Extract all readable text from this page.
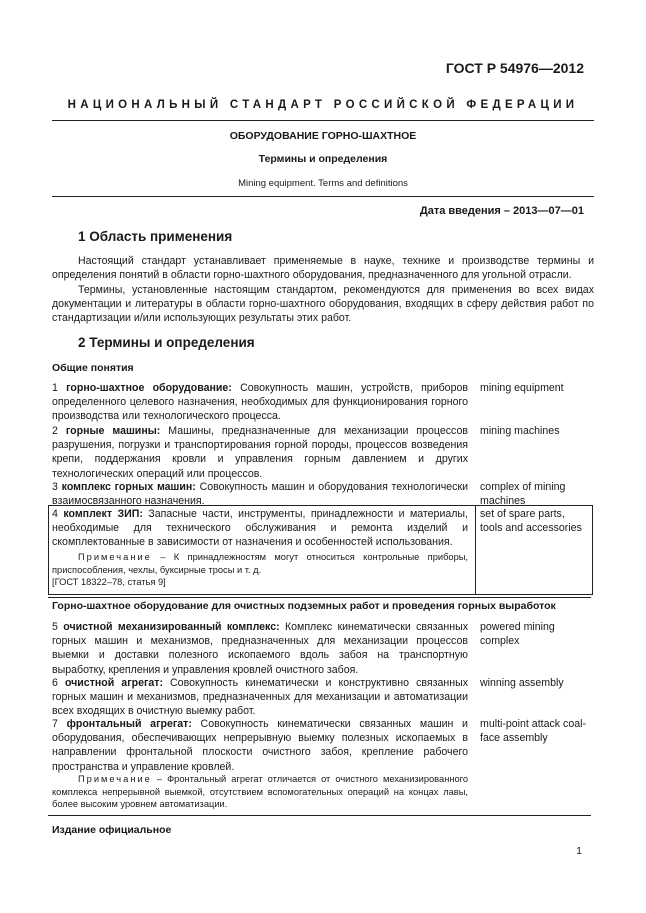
ГОСТ Р 54976—2012
НАЦИОНАЛЬНЫЙ СТАНДАРТ РОССИЙСКОЙ ФЕДЕРАЦИИ
ОБОРУДОВАНИЕ ГОРНО-ШАХТНОЕ
Термины и определения
Mining equipment. Terms and definitions
Дата введения – 2013—07—01
1 Область применения
Настоящий стандарт устанавливает применяемые в науке, технике и производстве термины и определения понятий в области горно-шахтного оборудования, предназначенного для угольной отрасли.
Термины, установленные настоящим стандартом, рекомендуются для применения во всех видах документации и литературы в области горно-шахтного оборудования, входящих в сферу действия работ по стандартизации и/или использующих результаты этих работ.
2 Термины и определения
Общие понятия
1 горно-шахтное оборудование: Совокупность машин, устройств, приборов определенного целевого назначения, необходимых для функционирования горного производства или технологического процесса.
mining equipment
2 горные машины: Машины, предназначенные для механизации процессов разрушения, погрузки и транспортирования горной породы, процессов возведения крепи, поддержания кровли и управления горным давлением и других технологических операций или процессов.
mining machines
3 комплекс горных машин: Совокупность машин и оборудования технологически взаимосвязанного назначения.
complex of mining machines
4 комплект ЗИП: Запасные части, инструменты, принадлежности и материалы, необходимые для технического обслуживания и ремонта изделий и скомплектованные в зависимости от назначения и особенностей использования.
set of spare parts, tools and accessories
Примечание – К принадлежностям могут относиться контрольные приборы, приспособления, чехлы, буксирные тросы и т. д.
[ГОСТ 18322–78, статья 9]
Горно-шахтное оборудование для очистных подземных работ и проведения горных выработок
5 очистной механизированный комплекс: Комплекс кинематически связанных горных машин и механизмов, предназначенных для механизации процессов выемки и доставки полезного ископаемого вдоль забоя на транспортную выработку, крепления и управления кровлей очистного забоя.
powered mining complex
6 очистной агрегат: Совокупность кинематически и конструктивно связанных горных машин и механизмов, предназначенных для механизации и автоматизации всех входящих в очистную выемку работ.
winning assembly
7 фронтальный агрегат: Совокупность кинематически связанных машин и оборудования, обеспечивающих непрерывную выемку полезных ископаемых в направлении фронтальной плоскости очистного забоя, крепление рабочего пространства и управление кровлей.
multi-point attack coal-face assembly
Примечание – Фронтальный агрегат отличается от очистного механизированного комплекса непрерывной выемкой, отсутствием вспомогательных операций на концах лавы, более высоким уровнем автоматизации.
Издание официальное
1
